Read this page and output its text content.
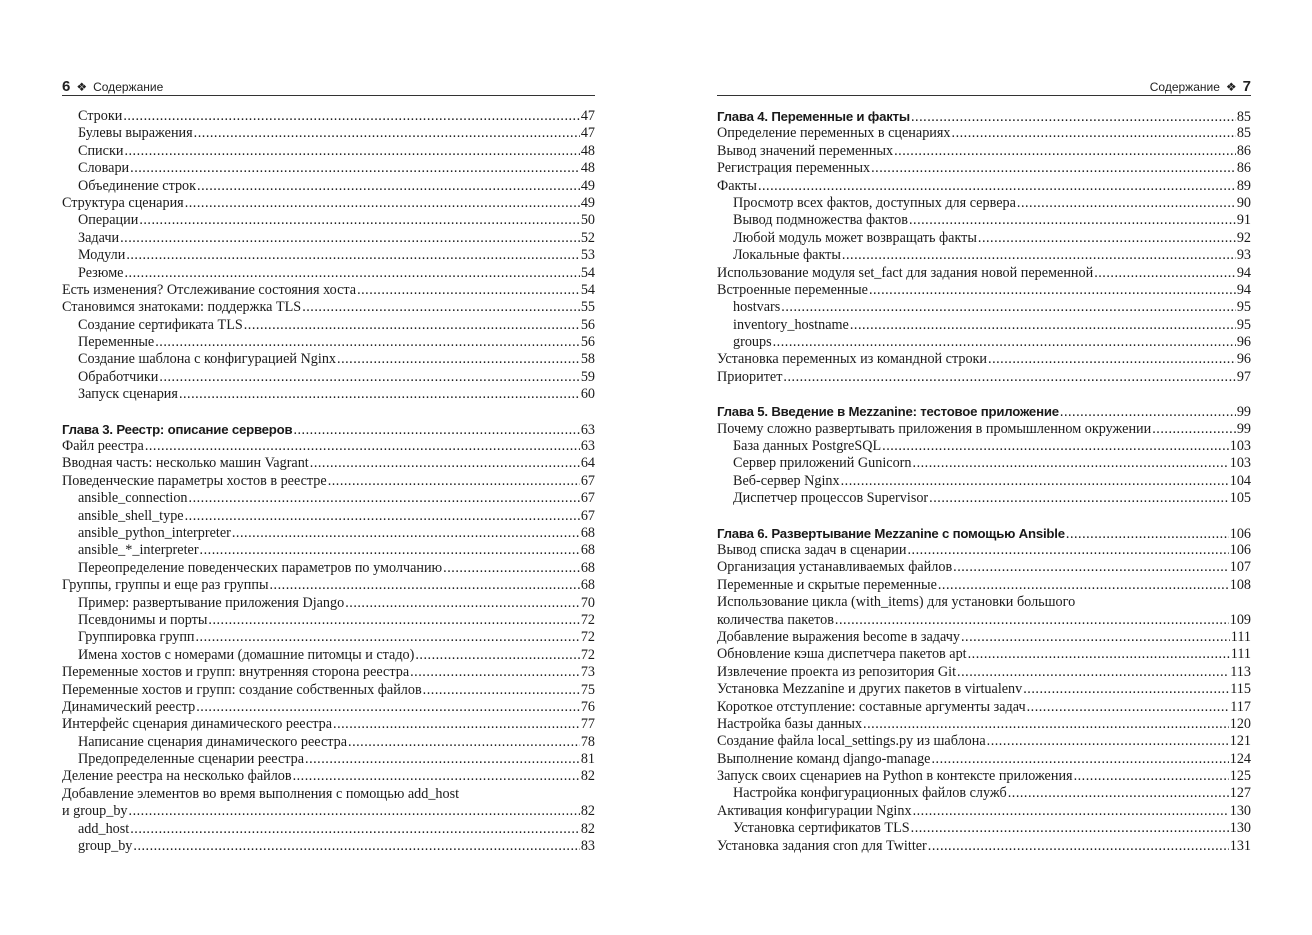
6 ❖ Содержание
Строки .....	47
Булевы выражения .....	47
Списки .....	48
Словари .....	48
Объединение строк .....	49
Структура сценария .....	49
Операции .....	50
Задачи .....	52
Модули .....	53
Резюме .....	54
Есть изменения? Отслеживание состояния хоста .....	54
Становимся знатоками: поддержка TLS .....	55
Создание сертификата TLS .....	56
Переменные .....	56
Создание шаблона с конфигурацией Nginx .....	58
Обработчики .....	59
Запуск сценария .....	60
Глава 3. Реестр: описание серверов .....	63
Файл реестра .....	63
Вводная часть: несколько машин Vagrant .....	64
Поведенческие параметры хостов в реестре .....	67
ansible_connection .....	67
ansible_shell_type .....	67
ansible_python_interpreter .....	68
ansible_*_interpreter .....	68
Переопределение поведенческих параметров по умолчанию .....	68
Группы, группы и еще раз группы .....	68
Пример: развертывание приложения Django .....	70
Псевдонимы и порты .....	72
Группировка групп .....	72
Имена хостов с номерами (домашние питомцы и стадо) .....	72
Переменные хостов и групп: внутренняя сторона реестра .....	73
Переменные хостов и групп: создание собственных файлов .....	75
Динамический реестр .....	76
Интерфейс сценария динамического реестра .....	77
Написание сценария динамического реестра .....	78
Предопределенные сценарии реестра .....	81
Деление реестра на несколько файлов .....	82
Добавление элементов во время выполнения с помощью add_host
и group_by .....	82
add_host .....	82
group_by .....	83
Содержание ❖ 7
Глава 4. Переменные и факты .....	85
Определение переменных в сценариях .....	85
Вывод значений переменных .....	86
Регистрация переменных .....	86
Факты .....	89
Просмотр всех фактов, доступных для сервера .....	90
Вывод подмножества фактов .....	91
Любой модуль может возвращать факты .....	92
Локальные факты .....	93
Использование модуля set_fact для задания новой переменной .....	94
Встроенные переменные .....	94
hostvars .....	95
inventory_hostname .....	95
groups .....	96
Установка переменных из командной строки .....	96
Приоритет .....	97
Глава 5. Введение в Mezzanine: тестовое приложение .....	99
Почему сложно развертывать приложения в промышленном окружении .....	99
База данных PostgreSQL .....	103
Сервер приложений Gunicorn .....	103
Веб-сервер Nginx .....	104
Диспетчер процессов Supervisor .....	105
Глава 6. Развертывание Mezzanine с помощью Ansible .....	106
Вывод списка задач в сценарии .....	106
Организация устанавливаемых файлов .....	107
Переменные и скрытые переменные .....	108
Использование цикла (with_items) для установки большого
количества пакетов .....	109
Добавление выражения become в задачу .....	111
Обновление кэша диспетчера пакетов apt .....	111
Извлечение проекта из репозитория Git .....	113
Установка Mezzanine и других пакетов в virtualenv .....	115
Короткое отступление: составные аргументы задач .....	117
Настройка базы данных .....	120
Создание файла local_settings.py из шаблона .....	121
Выполнение команд django-manage .....	124
Запуск своих сценариев на Python в контексте приложения .....	125
Настройка конфигурационных файлов служб .....	127
Активация конфигурации Nginx .....	130
Установка сертификатов TLS .....	130
Установка задания cron для Twitter .....	131
